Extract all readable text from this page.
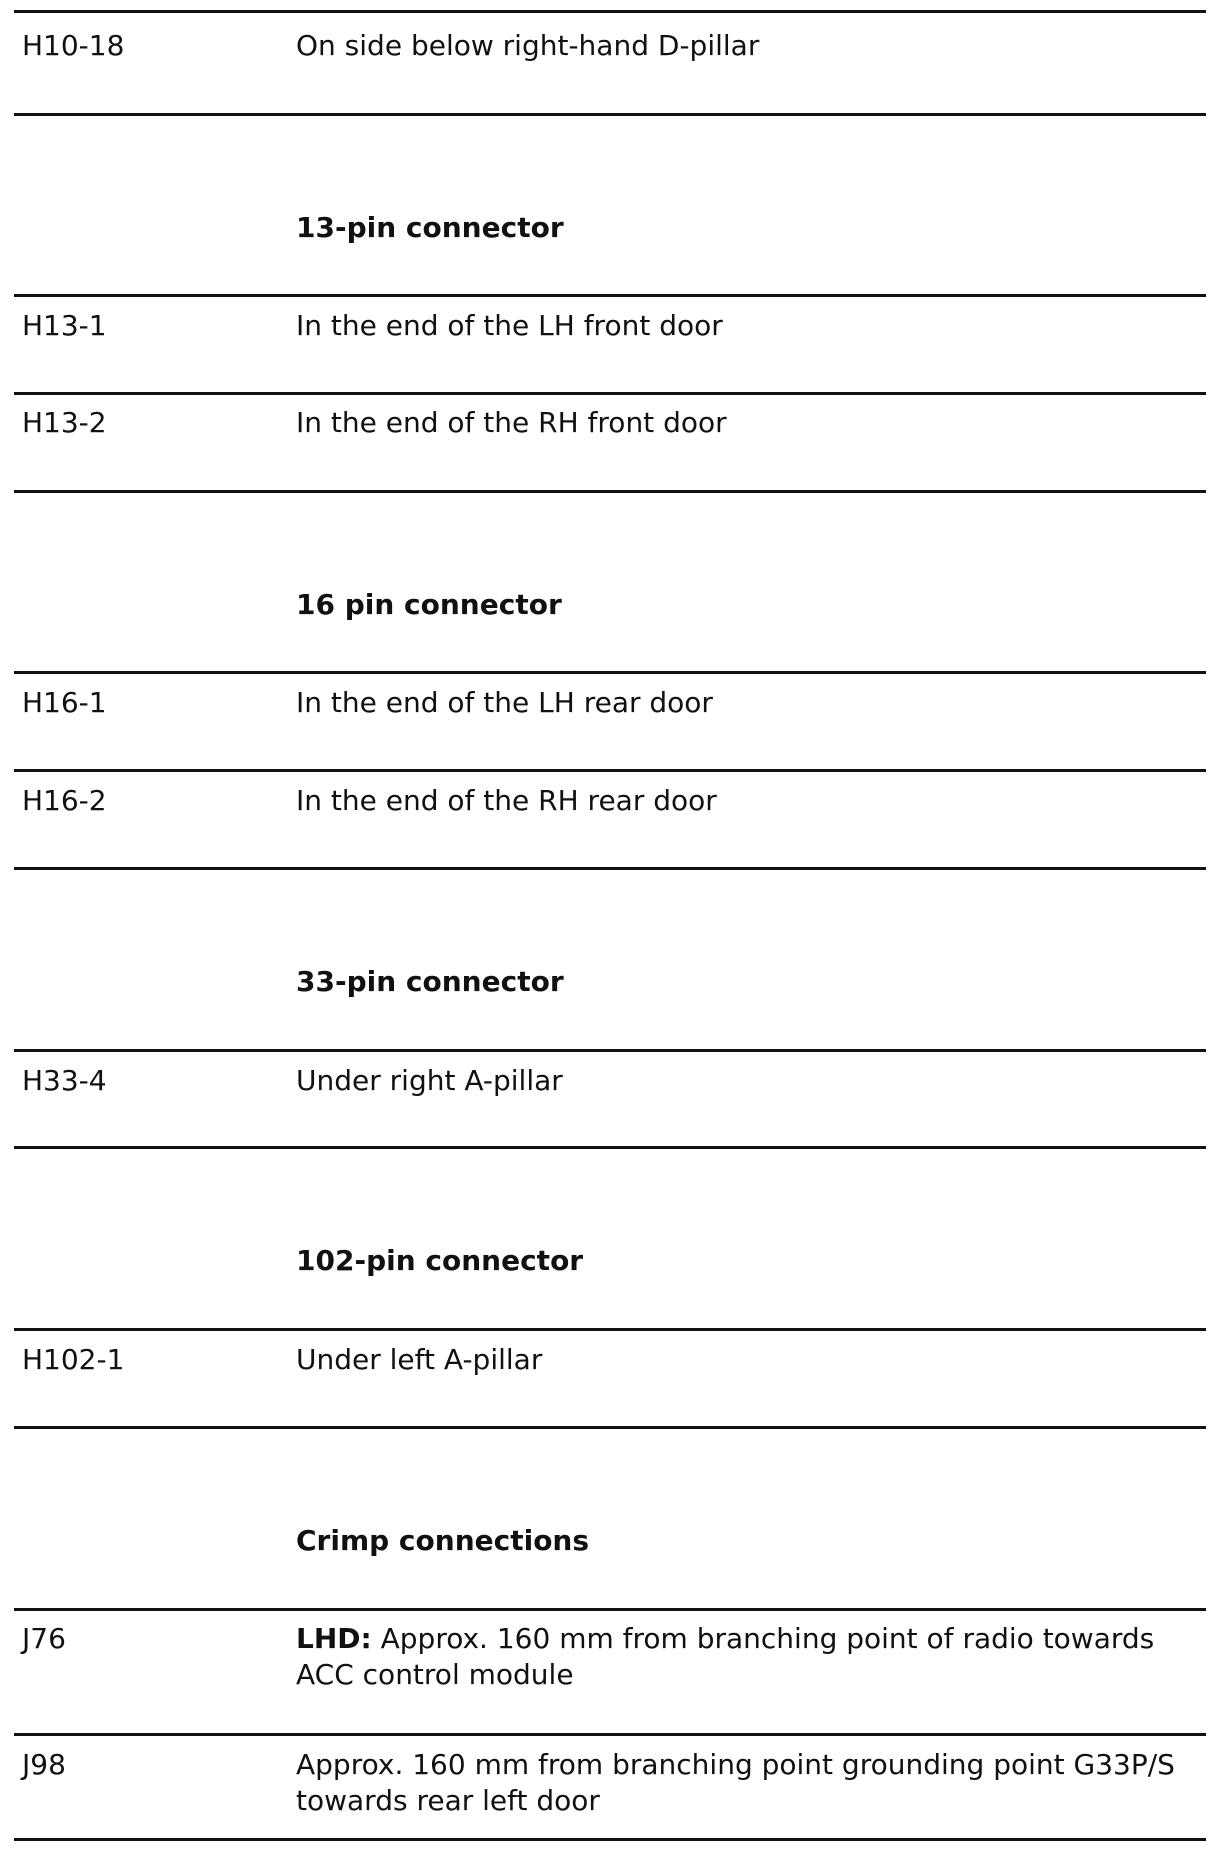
H10-18	On side below right-hand D-pillar
13-pin connector
H13-1	In the end of the LH front door
H13-2	In the end of the RH front door
16 pin connector
H16-1	In the end of the LH rear door
H16-2	In the end of the RH rear door
33-pin connector
H33-4	Under right A-pillar
102-pin connector
H102-1	Under left A-pillar
Crimp connections
J76	LHD: Approx. 160 mm from branching point of radio towards ACC control module
J98	Approx. 160 mm from branching point grounding point G33P/S towards rear left door
